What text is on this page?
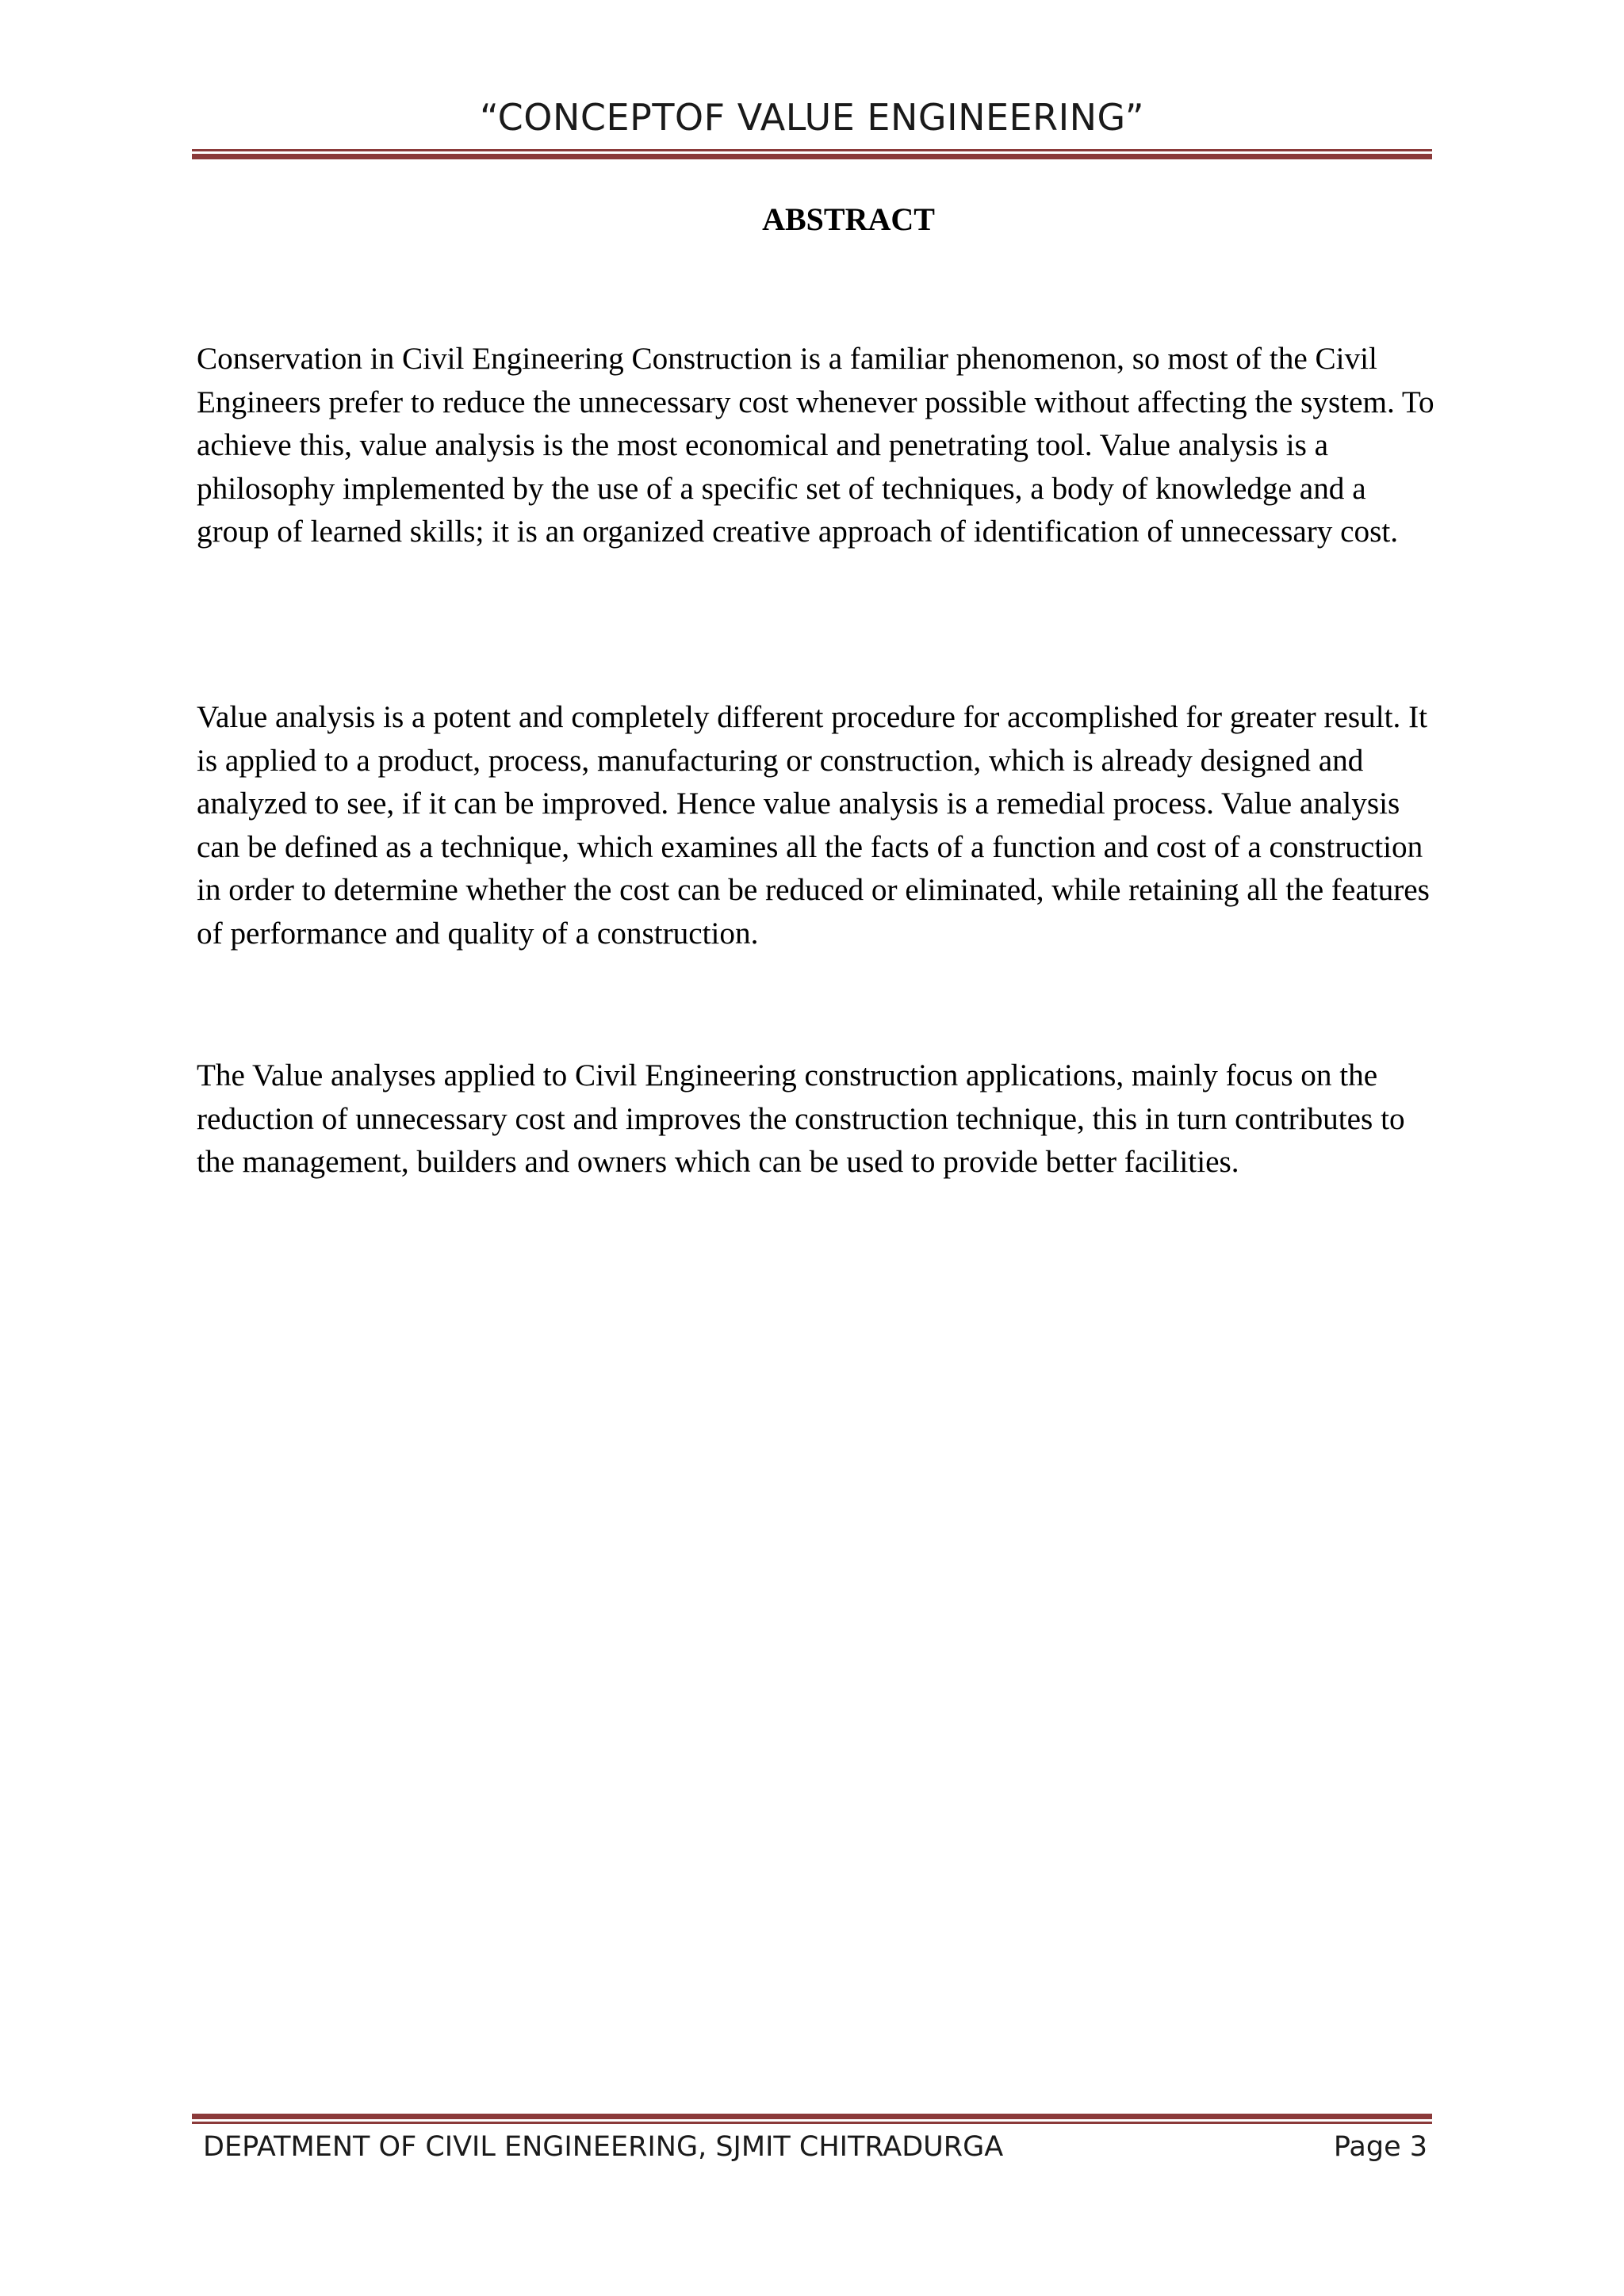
“CONCEPTOF VALUE ENGINEERING”
ABSTRACT

Conservation in Civil Engineering Construction is a familiar phenomenon, so most of the Civil Engineers prefer to reduce the unnecessary cost whenever possible without affecting the system. To achieve this, value analysis is the most economical and penetrating tool. Value analysis is a philosophy implemented by the use of a specific set of techniques, a body of knowledge and a group of learned skills; it is an organized creative approach of identification of unnecessary cost.

Value analysis is a potent and completely different procedure for accomplished for greater result. It is applied to a product, process, manufacturing or construction, which is already designed and analyzed to see, if it can be improved. Hence value analysis is a remedial process. Value analysis can be defined as a technique, which examines all the facts of a function and cost of a construction in order to determine whether the cost can be reduced or eliminated, while retaining all the features of performance and quality of a construction.

The Value analyses applied to Civil Engineering construction applications, mainly focus on the reduction of unnecessary cost and improves the construction technique, this in turn contributes to the management, builders and owners which can be used to provide better facilities.

DEPATMENT OF CIVIL ENGINEERING, SJMIT CHITRADURGA	Page 3
